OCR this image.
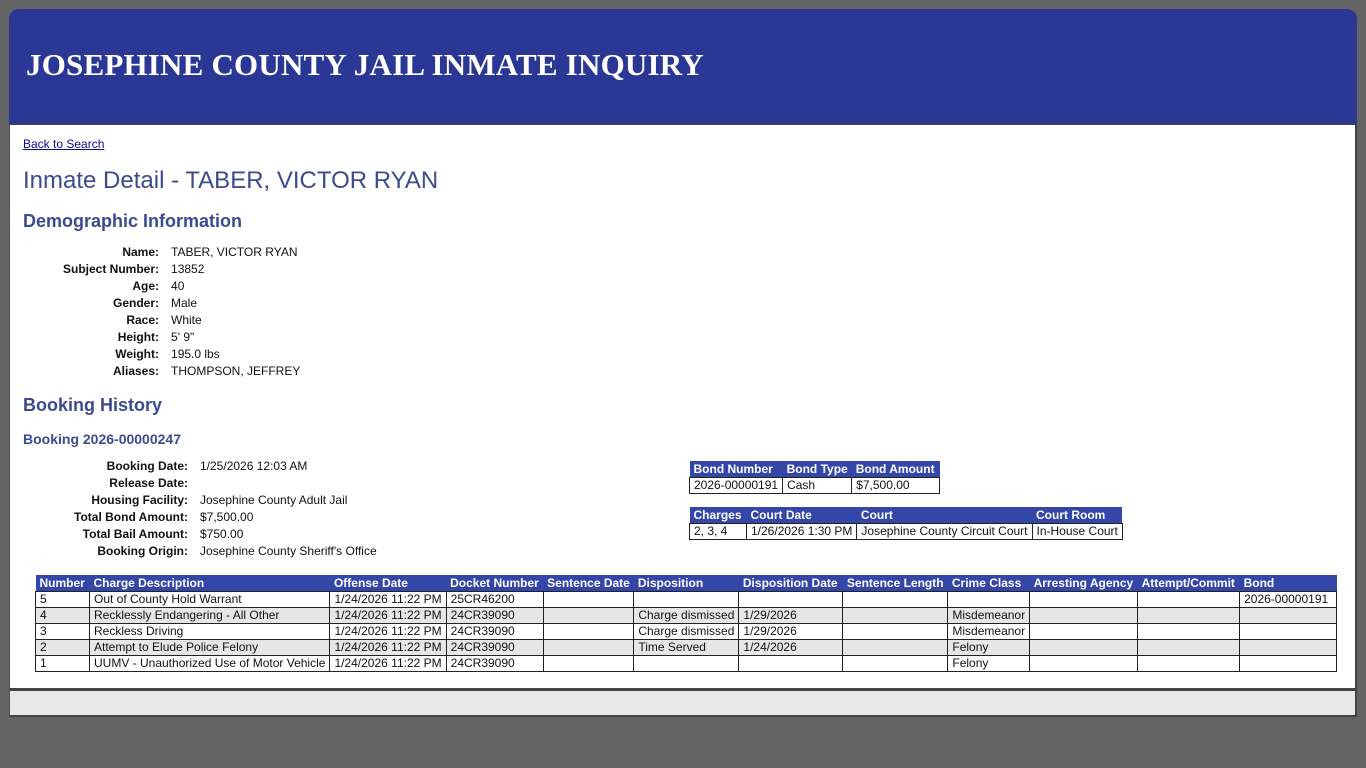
JOSEPHINE COUNTY JAIL INMATE INQUIRY
Back to Search
Inmate Detail - TABER, VICTOR RYAN
Demographic Information
Name:	TABER, VICTOR RYAN
Subject Number:	13852
Age:	40
Gender:	Male
Race:	White
Height:	5' 9"
Weight:	195.0 lbs
Aliases:	THOMPSON, JEFFREY
Booking History
Booking 2026-00000247
Booking Date:	1/25/2026 12:03 AM
Release Date:	
Housing Facility:	Josephine County Adult Jail
Total Bond Amount:	$7,500.00
Total Bail Amount:	$750.00
Booking Origin:	Josephine County Sheriff's Office
Bond Number	Bond Type	Bond Amount
2026-00000191	Cash	$7,500.00
Charges	Court Date	Court	Court Room
2, 3, 4	1/26/2026 1:30 PM	Josephine County Circuit Court	In-House Court
Number	Charge Description	Offense Date	Docket Number	Sentence Date	Disposition	Disposition Date	Sentence Length	Crime Class	Arresting Agency	Attempt/Commit	Bond
5	Out of County Hold Warrant	1/24/2026 11:22 PM	25CR46200								2026-00000191
4	Recklessly Endangering - All Other	1/24/2026 11:22 PM	24CR39090		Charge dismissed	1/29/2026		Misdemeanor			
3	Reckless Driving	1/24/2026 11:22 PM	24CR39090		Charge dismissed	1/29/2026		Misdemeanor			
2	Attempt to Elude Police Felony	1/24/2026 11:22 PM	24CR39090		Time Served	1/24/2026		Felony			
1	UUMV - Unauthorized Use of Motor Vehicle	1/24/2026 11:22 PM	24CR39090					Felony			
